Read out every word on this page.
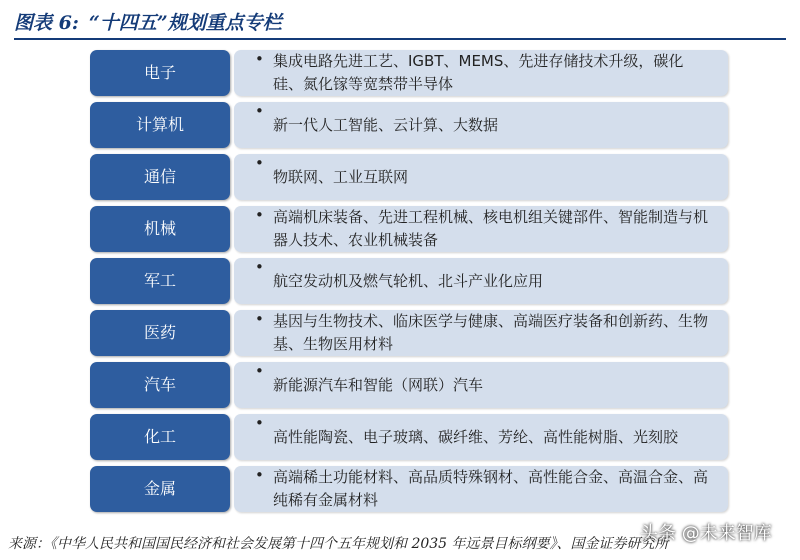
图表 6: “十四五”规划重点专栏
电子
• 集成电路先进工艺、IGBT、MEMS、先进存储技术升级，碳化硅、氮化镓等宽禁带半导体
计算机
•
新一代人工智能、云计算、大数据
通信
•
物联网、工业互联网
机械
• 高端机床装备、先进工程机械、核电机组关键部件、智能制造与机器人技术、农业机械装备
军工
•
航空发动机及燃气轮机、北斗产业化应用
医药
• 基因与生物技术、临床医学与健康、高端医疗装备和创新药、生物基、生物医用材料
汽车
•
新能源汽车和智能（网联）汽车
化工
•
高性能陶瓷、电子玻璃、碳纤维、芳纶、高性能树脂、光刻胶
金属
• 高端稀土功能材料、高品质特殊钢材、高性能合金、高温合金、高纯稀有金属材料
来源：《中华人民共和国国民经济和社会发展第十四个五年规划和 2035 年远景目标纲要》、国金证券研究所
头条 @未来智库
